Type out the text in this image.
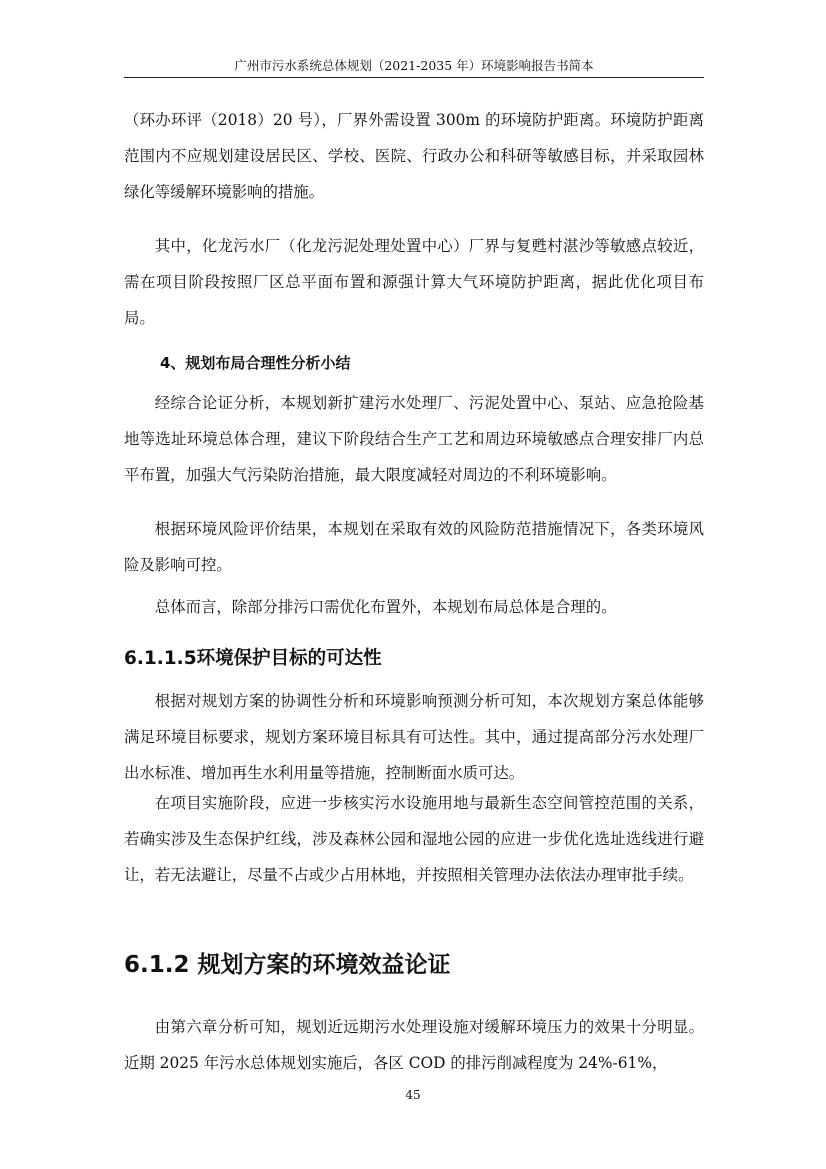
广州市污水系统总体规划（2021-2035 年）环境影响报告书简本

（环办环评（2018）20 号），厂界外需设置 300m 的环境防护距离。环境防护距离范围内不应规划建设居民区、学校、医院、行政办公和科研等敏感目标，并采取园林绿化等缓解环境影响的措施。

其中，化龙污水厂（化龙污泥处理处置中心）厂界与复甦村湛沙等敏感点较近，需在项目阶段按照厂区总平面布置和源强计算大气环境防护距离，据此优化项目布局。

4、规划布局合理性分析小结

经综合论证分析，本规划新扩建污水处理厂、污泥处置中心、泵站、应急抢险基地等选址环境总体合理，建议下阶段结合生产工艺和周边环境敏感点合理安排厂内总平布置，加强大气污染防治措施，最大限度减轻对周边的不利环境影响。

根据环境风险评价结果，本规划在采取有效的风险防范措施情况下，各类环境风险及影响可控。

总体而言，除部分排污口需优化布置外，本规划布局总体是合理的。

6.1.1.5环境保护目标的可达性

根据对规划方案的协调性分析和环境影响预测分析可知，本次规划方案总体能够满足环境目标要求，规划方案环境目标具有可达性。其中，通过提高部分污水处理厂出水标准、增加再生水利用量等措施，控制断面水质可达。

在项目实施阶段，应进一步核实污水设施用地与最新生态空间管控范围的关系，若确实涉及生态保护红线，涉及森林公园和湿地公园的应进一步优化选址选线进行避让，若无法避让，尽量不占或少占用林地，并按照相关管理办法依法办理审批手续。

6.1.2 规划方案的环境效益论证

由第六章分析可知，规划近远期污水处理设施对缓解环境压力的效果十分明显。近期 2025 年污水总体规划实施后，各区 COD 的排污削减程度为 24%-61%，

45
